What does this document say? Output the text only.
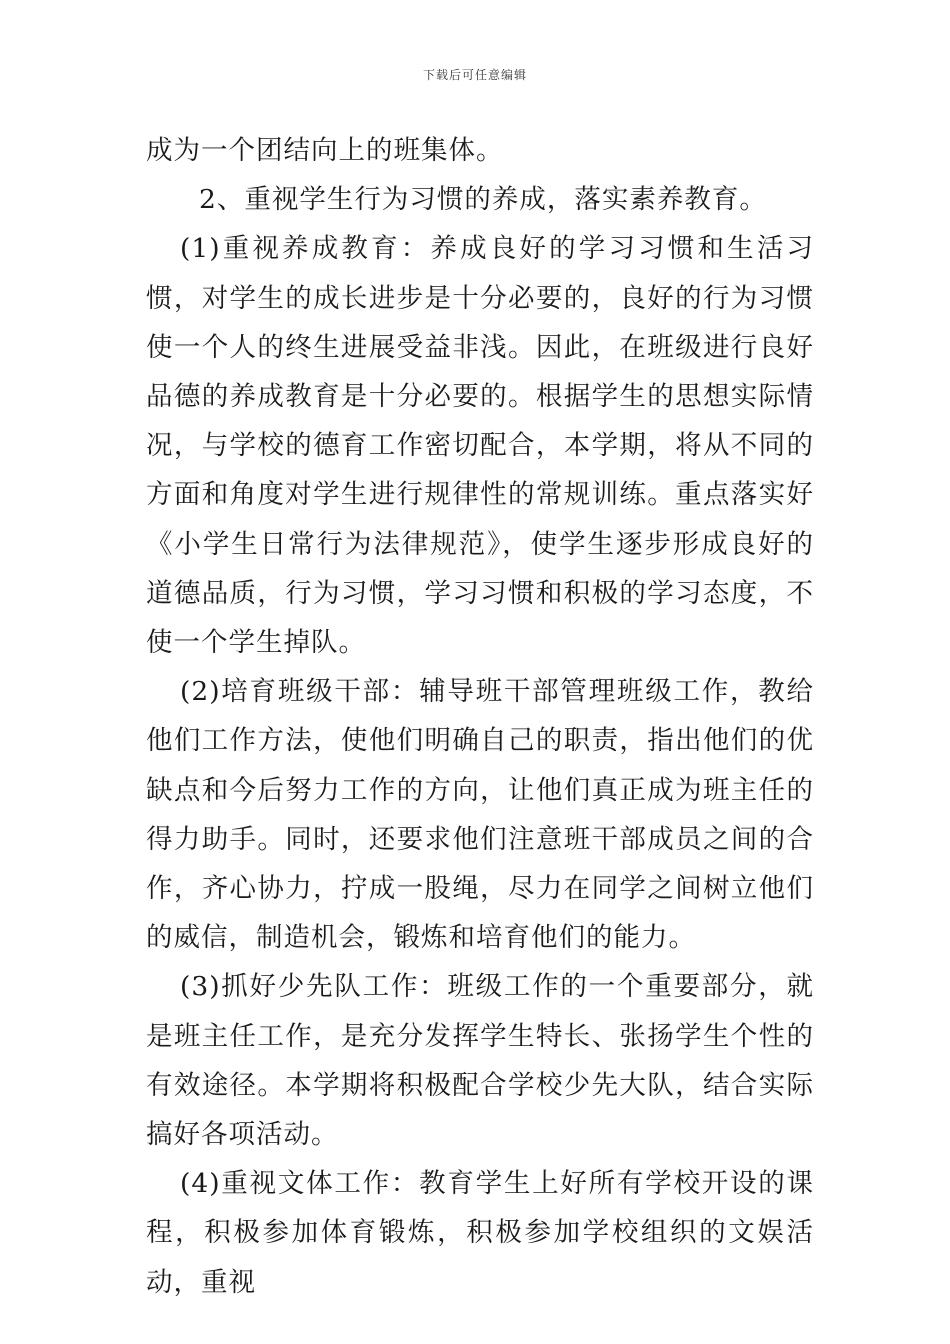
下载后可任意编辑

成为一个团结向上的班集体。

2、重视学生行为习惯的养成，落实素养教育。

(1)重视养成教育：养成良好的学习习惯和生活习惯，对学生的成长进步是十分必要的，良好的行为习惯使一个人的终生进展受益非浅。因此，在班级进行良好品德的养成教育是十分必要的。根据学生的思想实际情况，与学校的德育工作密切配合，本学期，将从不同的方面和角度对学生进行规律性的常规训练。重点落实好《小学生日常行为法律规范》，使学生逐步形成良好的道德品质，行为习惯，学习习惯和积极的学习态度，不使一个学生掉队。

(2)培育班级干部：辅导班干部管理班级工作，教给他们工作方法，使他们明确自己的职责，指出他们的优缺点和今后努力工作的方向，让他们真正成为班主任的得力助手。同时，还要求他们注意班干部成员之间的合作，齐心协力，拧成一股绳，尽力在同学之间树立他们的威信，制造机会，锻炼和培育他们的能力。

(3)抓好少先队工作：班级工作的一个重要部分，就是班主任工作，是充分发挥学生特长、张扬学生个性的有效途径。本学期将积极配合学校少先大队，结合实际搞好各项活动。

(4)重视文体工作：教育学生上好所有学校开设的课程，积极参加体育锻炼，积极参加学校组织的文娱活动，重视
